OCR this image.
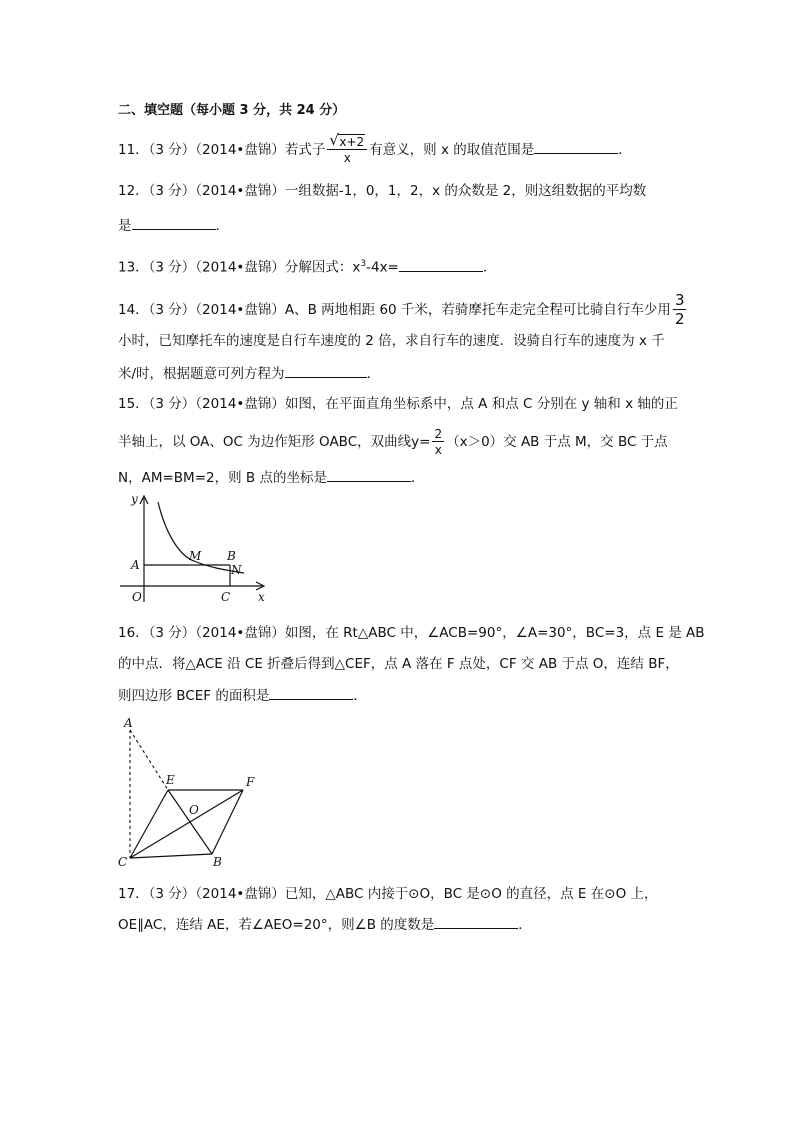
二、填空题（每小题 3 分，共 24 分）
11．（3 分）（2014•盘锦）若式子 $\frac{√ x+2}{x}$ 有意义，则 x 的取值范围是	．
12．（3 分）（2014•盘锦）一组数据-1，0，1，2，x 的众数是 2，则这组数据的平均数
是	．
13．（3 分）（2014•盘锦）分解因式：$x^3-4x=$	．
14．（3 分）（2014•盘锦）A、B 两地相距 60 千米，若骑摩托车走完全程可比骑自行车少用 $\frac{3}{2}$
小时，已知摩托车的速度是自行车速度的 2 倍，求自行车的速度．设骑自行车的速度为 x 千
米/时，根据题意可列方程为	．
15．（3 分）（2014•盘锦）如图，在平面直角坐标系中，点 A 和点 C 分别在 y 轴和 x 轴的正
半轴上，以 OA、OC 为边作矩形 OABC，双曲线$y= \frac{2}{x} (x>0)$交 AB 于点 M，交 BC 于点
N，AM=BM=2，则 B 点的坐标是	．
y
A
M B
N
O	C x
16．（3 分）（2014•盘锦）如图，在 Rt△ABC 中，∠ACB=90°，∠A=30°，BC=3，点 E 是 AB
的中点．将△ACE 沿 CE 折叠后得到△CEF，点 A 落在 F 点处，CF 交 AB 于点 O，连结 BF，
则四边形 BCEF 的面积是	．
A
E	F
O
C	B
17．（3 分）（2014•盘锦）已知，△ABC 内接于⊙O，BC 是⊙O 的直径，点 E 在⊙O 上，
OE∥AC，连结 AE，若∠AEO=20°，则∠B 的度数是	．
